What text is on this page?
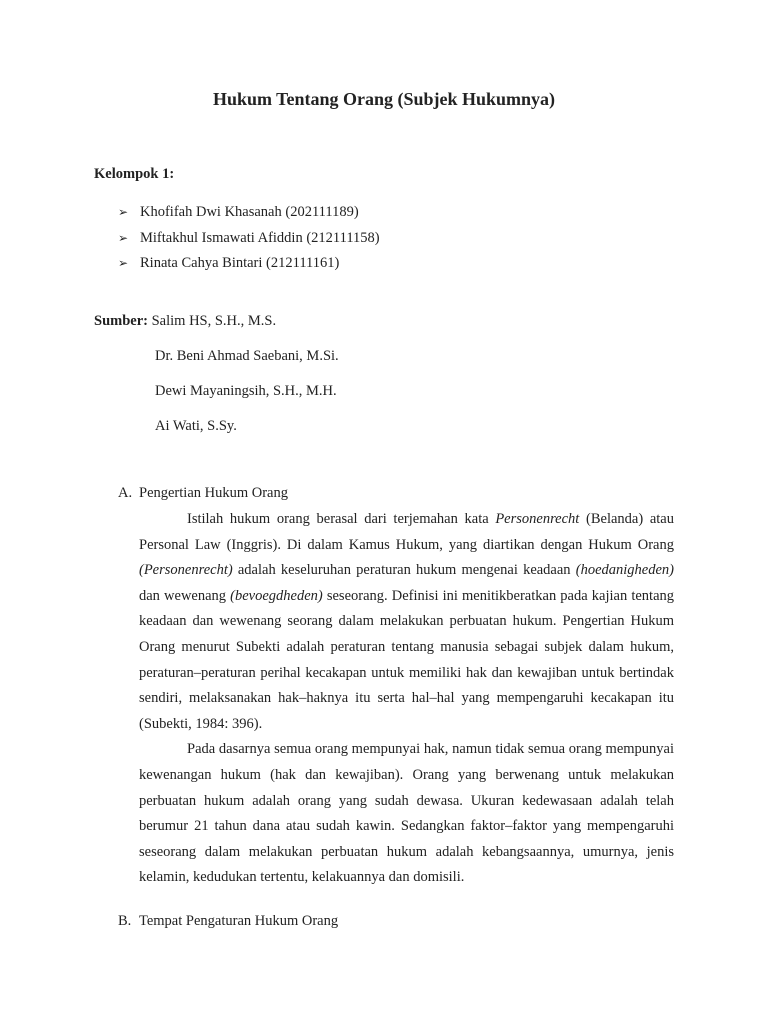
Hukum Tentang Orang (Subjek Hukumnya)
Kelompok 1:
➢ Khofifah Dwi Khasanah (202111189)
➢ Miftakhul Ismawati Afiddin (212111158)
➢ Rinata Cahya Bintari (212111161)
Sumber: Salim HS, S.H., M.S.
Dr. Beni Ahmad Saebani, M.Si.
Dewi Mayaningsih, S.H., M.H.
Ai Wati, S.Sy.
A. Pengertian Hukum Orang

Istilah hukum orang berasal dari terjemahan kata Personenrecht (Belanda) atau Personal Law (Inggris). Di dalam Kamus Hukum, yang diartikan dengan Hukum Orang (Personenrecht) adalah keseluruhan peraturan hukum mengenai keadaan (hoedanigheden) dan wewenang (bevoegdheden) seseorang. Definisi ini menitikberatkan pada kajian tentang keadaan dan wewenang seorang dalam melakukan perbuatan hukum. Pengertian Hukum Orang menurut Subekti adalah peraturan tentang manusia sebagai subjek dalam hukum, peraturan–peraturan perihal kecakapan untuk memiliki hak dan kewajiban untuk bertindak sendiri, melaksanakan hak–haknya itu serta hal–hal yang mempengaruhi kecakapan itu (Subekti, 1984: 396).

Pada dasarnya semua orang mempunyai hak, namun tidak semua orang mempunyai kewenangan hukum (hak dan kewajiban). Orang yang berwenang untuk melakukan perbuatan hukum adalah orang yang sudah dewasa. Ukuran kedewasaan adalah telah berumur 21 tahun dana atau sudah kawin. Sedangkan faktor–faktor yang mempengaruhi seseorang dalam melakukan perbuatan hukum adalah kebangsaannya, umurnya, jenis kelamin, kedudukan tertentu, kelakuannya dan domisili.

B. Tempat Pengaturan Hukum Orang
